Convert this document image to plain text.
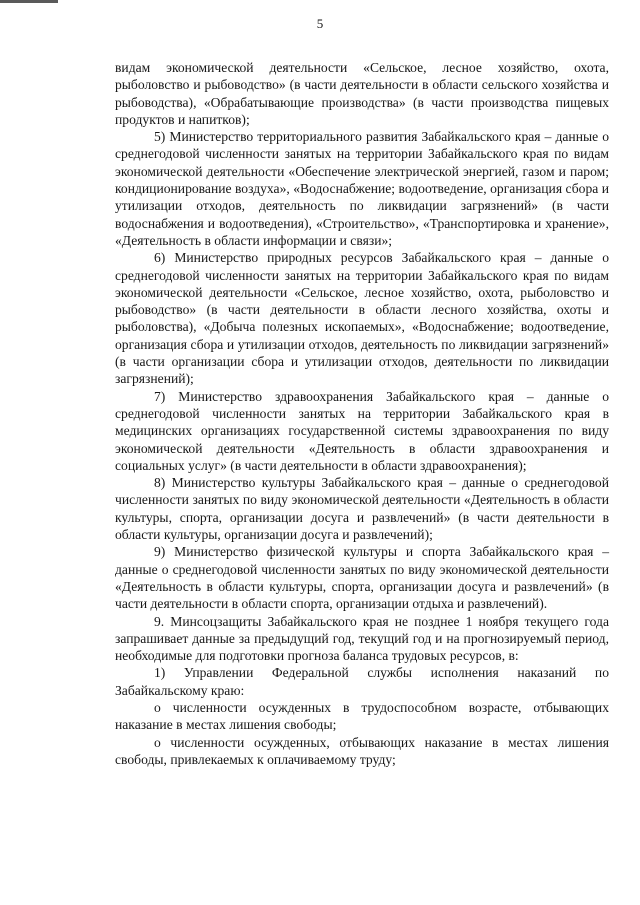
5

видам экономической деятельности «Сельское, лесное хозяйство, охота, рыболовство и рыбоводство» (в части деятельности в области сельского хозяйства и рыбоводства), «Обрабатывающие производства» (в части производства пищевых продуктов и напитков);

5) Министерство территориального развития Забайкальского края – данные о среднегодовой численности занятых на территории Забайкальского края по видам экономической деятельности «Обеспечение электрической энергией, газом и паром; кондиционирование воздуха», «Водоснабжение; водоотведение, организация сбора и утилизации отходов, деятельность по ликвидации загрязнений» (в части водоснабжения и водоотведения), «Строительство», «Транспортировка и хранение», «Деятельность в области информации и связи»;

6) Министерство природных ресурсов Забайкальского края – данные о среднегодовой численности занятых на территории Забайкальского края по видам экономической деятельности «Сельское, лесное хозяйство, охота, рыболовство и рыбоводство» (в части деятельности в области лесного хозяйства, охоты и рыболовства), «Добыча полезных ископаемых», «Водоснабжение; водоотведение, организация сбора и утилизации отходов, деятельность по ликвидации загрязнений» (в части организации сбора и утилизации отходов, деятельности по ликвидации загрязнений);

7) Министерство здравоохранения Забайкальского края – данные о среднегодовой численности занятых на территории Забайкальского края в медицинских организациях государственной системы здравоохранения по виду экономической деятельности «Деятельность в области здравоохранения и социальных услуг» (в части деятельности в области здравоохранения);

8) Министерство культуры Забайкальского края – данные о среднегодовой численности занятых по виду экономической деятельности «Деятельность в области культуры, спорта, организации досуга и развлечений» (в части деятельности в области культуры, организации досуга и развлечений);

9) Министерство физической культуры и спорта Забайкальского края – данные о среднегодовой численности занятых по виду экономической деятельности «Деятельность в области культуры, спорта, организации досуга и развлечений» (в части деятельности в области спорта, организации отдыха и развлечений).

9. Минсоцзащиты Забайкальского края не позднее 1 ноября текущего года запрашивает данные за предыдущий год, текущий год и на прогнозируемый период, необходимые для подготовки прогноза баланса трудовых ресурсов, в:

1) Управлении Федеральной службы исполнения наказаний по Забайкальскому краю:

о численности осужденных в трудоспособном возрасте, отбывающих наказание в местах лишения свободы;

о численности осужденных, отбывающих наказание в местах лишения свободы, привлекаемых к оплачиваемому труду;
